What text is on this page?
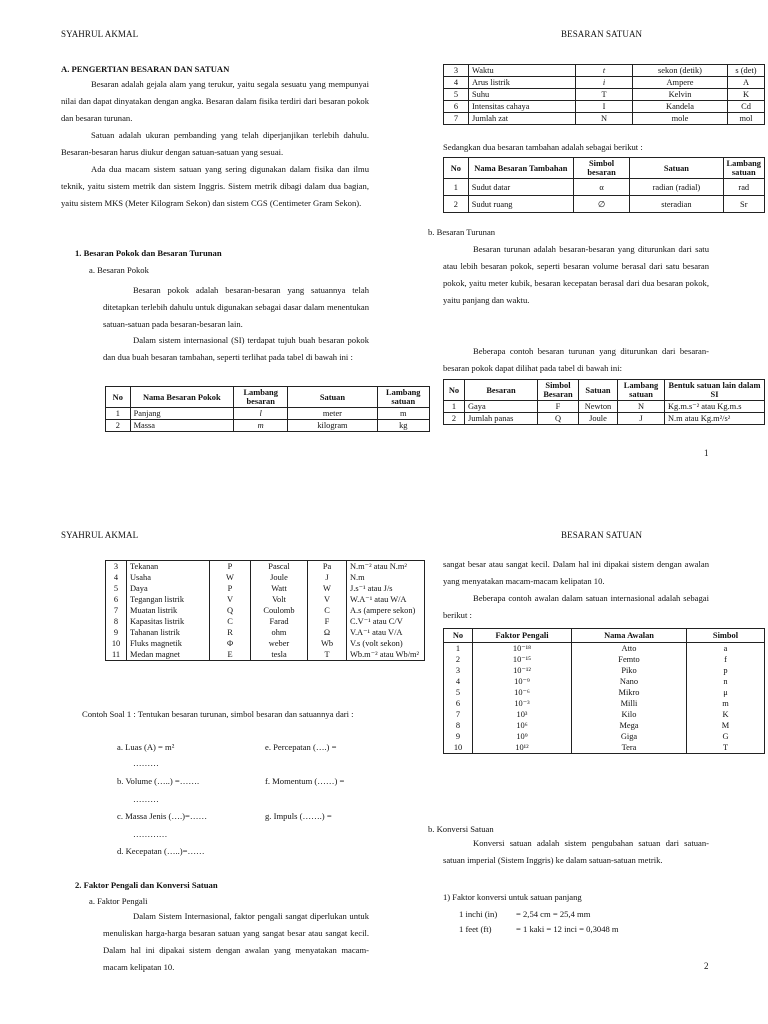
SYAHRUL AKMAL	BESARAN SATUAN
A. PENGERTIAN BESARAN DAN SATUAN
Besaran adalah gejala alam yang terukur, yaitu segala sesuatu yang mempunyai nilai dan dapat dinyatakan dengan angka. Besaran dalam fisika terdiri dari besaran pokok dan besaran turunan.
Satuan adalah ukuran pembanding yang telah diperjanjikan terlebih dahulu. Besaran-besaran harus diukur dengan satuan-satuan yang sesuai.
Ada dua macam sistem satuan yang sering digunakan dalam fisika dan ilmu teknik, yaitu sistem metrik dan sistem Inggris. Sistem metrik dibagi dalam dua bagian, yaitu sistem MKS (Meter Kilogram Sekon) dan sistem CGS (Centimeter Gram Sekon).
1. Besaran Pokok dan Besaran Turunan
a. Besaran Pokok
Besaran pokok adalah besaran-besaran yang satuannya telah ditetapkan terlebih dahulu untuk digunakan sebagai dasar dalam menentukan satuan-satuan pada besaran-besaran lain.
Dalam sistem internasional (SI) terdapat tujuh buah besaran pokok dan dua buah besaran tambahan, seperti terlihat pada tabel di bawah ini :
No	Nama Besaran Pokok	Lambang besaran	Satuan	Lambang satuan
1	Panjang	l	meter	m
2	Massa	m	kilogram	kg
3	Waktu	t	sekon (detik)	s (det)
4	Arus listrik	i	Ampere	A
5	Suhu	T	Kelvin	K
6	Intensitas cahaya	I	Kandela	Cd
7	Jumlah zat	N	mole	mol
Sedangkan dua besaran tambahan adalah sebagai berikut :
No	Nama Besaran Tambahan	Simbol besaran	Satuan	Lambang satuan
1	Sudut datar	α	radian (radial)	rad
2	Sudut ruang	∅	steradian	Sr
b. Besaran Turunan
Besaran turunan adalah besaran-besaran yang diturunkan dari satu atau lebih besaran pokok, seperti besaran volume berasal dari satu besaran pokok, yaitu meter kubik, besaran kecepatan berasal dari dua besaran pokok, yaitu panjang dan waktu.
Beberapa contoh besaran turunan yang diturunkan dari besaran-besaran pokok dapat dilihat pada tabel di bawah ini:
No	Besaran	Simbol Besaran	Satuan	Lambang satuan	Bentuk satuan lain dalam SI
1	Gaya	F	Newton	N	Kg.m.s⁻² atau Kg.m.s
2	Jumlah panas	Q	Joule	J	N.m atau Kg.m²/s²
1
SYAHRUL AKMAL	BESARAN SATUAN
3	Tekanan	P	Pascal	Pa	N.m⁻² atau N.m²
4	Usaha	W	Joule	J	N.m
5	Daya	P	Watt	W	J.s⁻¹ atau J/s
6	Tegangan listrik	V	Volt	V	W.A⁻¹ atau W/A
7	Muatan listrik	Q	Coulomb	C	A.s (ampere sekon)
8	Kapasitas listrik	C	Farad	F	C.V⁻¹ atau C/V
9	Tahanan listrik	R	ohm	Ω	V.A⁻¹ atau V/A
10	Fluks magnetik	Φ	weber	Wb	V.s (volt sekon)
11	Medan magnet	E	tesla	T	Wb.m⁻² atau Wb/m²
Contoh Soal 1 : Tentukan besaran turunan, simbol besaran dan satuannya dari :
a. Luas (A) = m²
………
b. Volume (…..) =…….
………
c. Massa Jenis (….)=……
…………
d. Kecepatan (…..)=……
e. Percepatan (….) =
f. Momentum (……) =
g. Impuls (…….) =
2. Faktor Pengali dan Konversi Satuan
a. Faktor Pengali
Dalam Sistem Internasional, faktor pengali sangat diperlukan untuk menuliskan harga-harga besaran satuan yang sangat besar atau sangat kecil. Dalam hal ini dipakai sistem dengan awalan yang menyatakan macam-macam kelipatan 10.
sangat besar atau sangat kecil. Dalam hal ini dipakai sistem dengan awalan yang menyatakan macam-macam kelipatan 10.
Beberapa contoh awalan dalam satuan internasional adalah sebagai berikut :
No	Faktor Pengali	Nama Awalan	Simbol
1	10⁻¹⁸	Atto	a
2	10⁻¹⁵	Femto	f
3	10⁻¹²	Piko	p
4	10⁻⁹	Nano	n
5	10⁻⁶	Mikro	μ
6	10⁻³	Milli	m
7	10³	Kilo	K
8	10⁶	Mega	M
9	10⁹	Giga	G
10	10¹²	Tera	T
b. Konversi Satuan
Konversi satuan adalah sistem pengubahan satuan dari satuan-satuan imperial (Sistem Inggris) ke dalam satuan-satuan metrik.
1) Faktor konversi untuk satuan panjang
1 inchi (in) = 2,54 cm = 25,4 mm
1 feet (ft)	= 1 kaki = 12 inci = 0,3048 m
2
